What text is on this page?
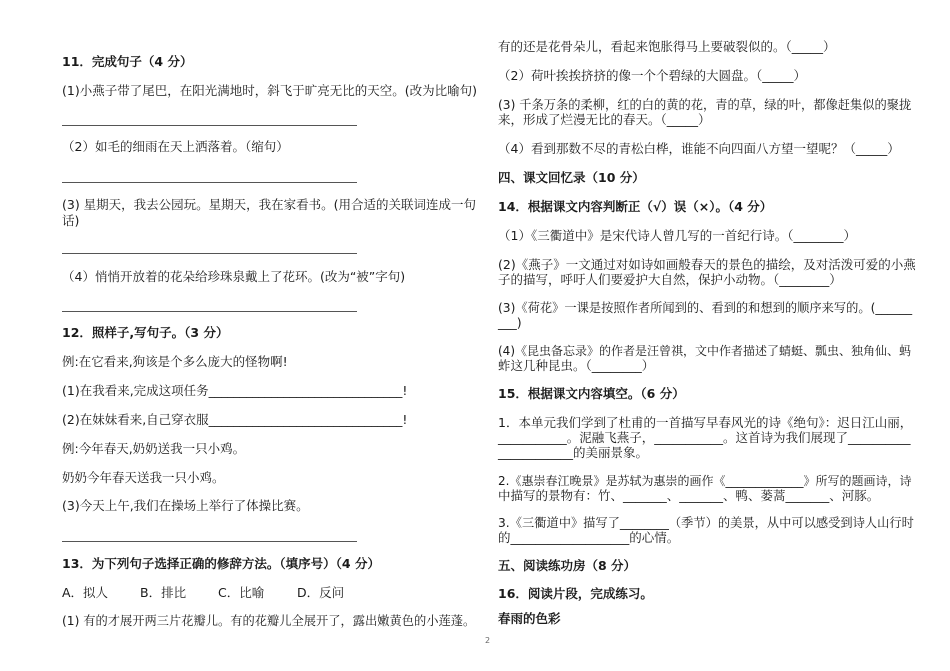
11．完成句子（4 分）
(1)小燕子带了尾巴，在阳光满地时，斜飞于旷亮无比的天空。(改为比喻句)
（2）如毛的细雨在天上洒落着。（缩句）
(3) 星期天，我去公园玩。星期天，我在家看书。(用合适的关联词连成一句
话)
（4）悄悄开放着的花朵给珍珠泉戴上了花环。(改为“被”字句)
12．照样子,写句子。（3 分）
例:在它看来,狗该是个多么庞大的怪物啊!
(1)在我看来,完成这项任务_______________________________!
(2)在妹妹看来,自己穿衣服_______________________________!
例:今年春天,奶奶送我一只小鸡。
奶奶今年春天送我一只小鸡。
(3)今天上午,我们在操场上举行了体操比赛。
13．为下列句子选择正确的修辞方法。（填序号）（4 分）
A．拟人	B．排比	C．比喻	D．反问
(1) 有的才展开两三片花瓣儿。有的花瓣儿全展开了，露出嫩黄色的小莲蓬。
有的还是花骨朵儿，看起来饱胀得马上要破裂似的。（_____）
（2）荷叶挨挨挤挤的像一个个碧绿的大圆盘。（_____）
(3) 千条万条的柔柳，红的白的黄的花，青的草，绿的叶，都像赶集似的聚拢
来，形成了烂漫无比的春天。（_____）
（4）看到那数不尽的青松白桦，谁能不向四面八方望一望呢？（_____）
四、课文回忆录（10 分）
14．根据课文内容判断正（√）误（×）。（4 分）
（1）《三衢道中》是宋代诗人曾几写的一首纪行诗。（________）
(2)《燕子》一文通过对如诗如画般春天的景色的描绘，及对活泼可爱的小燕
子的描写，呼吁人们要爱护大自然，保护小动物。（________）
(3)《荷花》一课是按照作者所闻到的、看到的和想到的顺序来写的。(______
___)
(4)《昆虫备忘录》的作者是汪曾祺，文中作者描述了蜻蜓、瓢虫、独角仙、蚂
蚱这几种昆虫。（________）
15．根据课文内容填空。（6 分）
1．本单元我们学到了杜甫的一首描写早春风光的诗《绝句》：迟日江山丽，
___________。泥融飞燕子，___________。这首诗为我们展现了__________
____________的美丽景象。
2.《惠崇春江晚景》是苏轼为惠崇的画作《_____________》所写的题画诗，诗
中描写的景物有：竹、_______、_______、鸭、蒌蒿_______、河豚。
3.《三衢道中》描写了________（季节）的美景，从中可以感受到诗人山行时
的___________________的心情。
五、阅读练功房（8 分）
16．阅读片段，完成练习。
春雨的色彩
2
